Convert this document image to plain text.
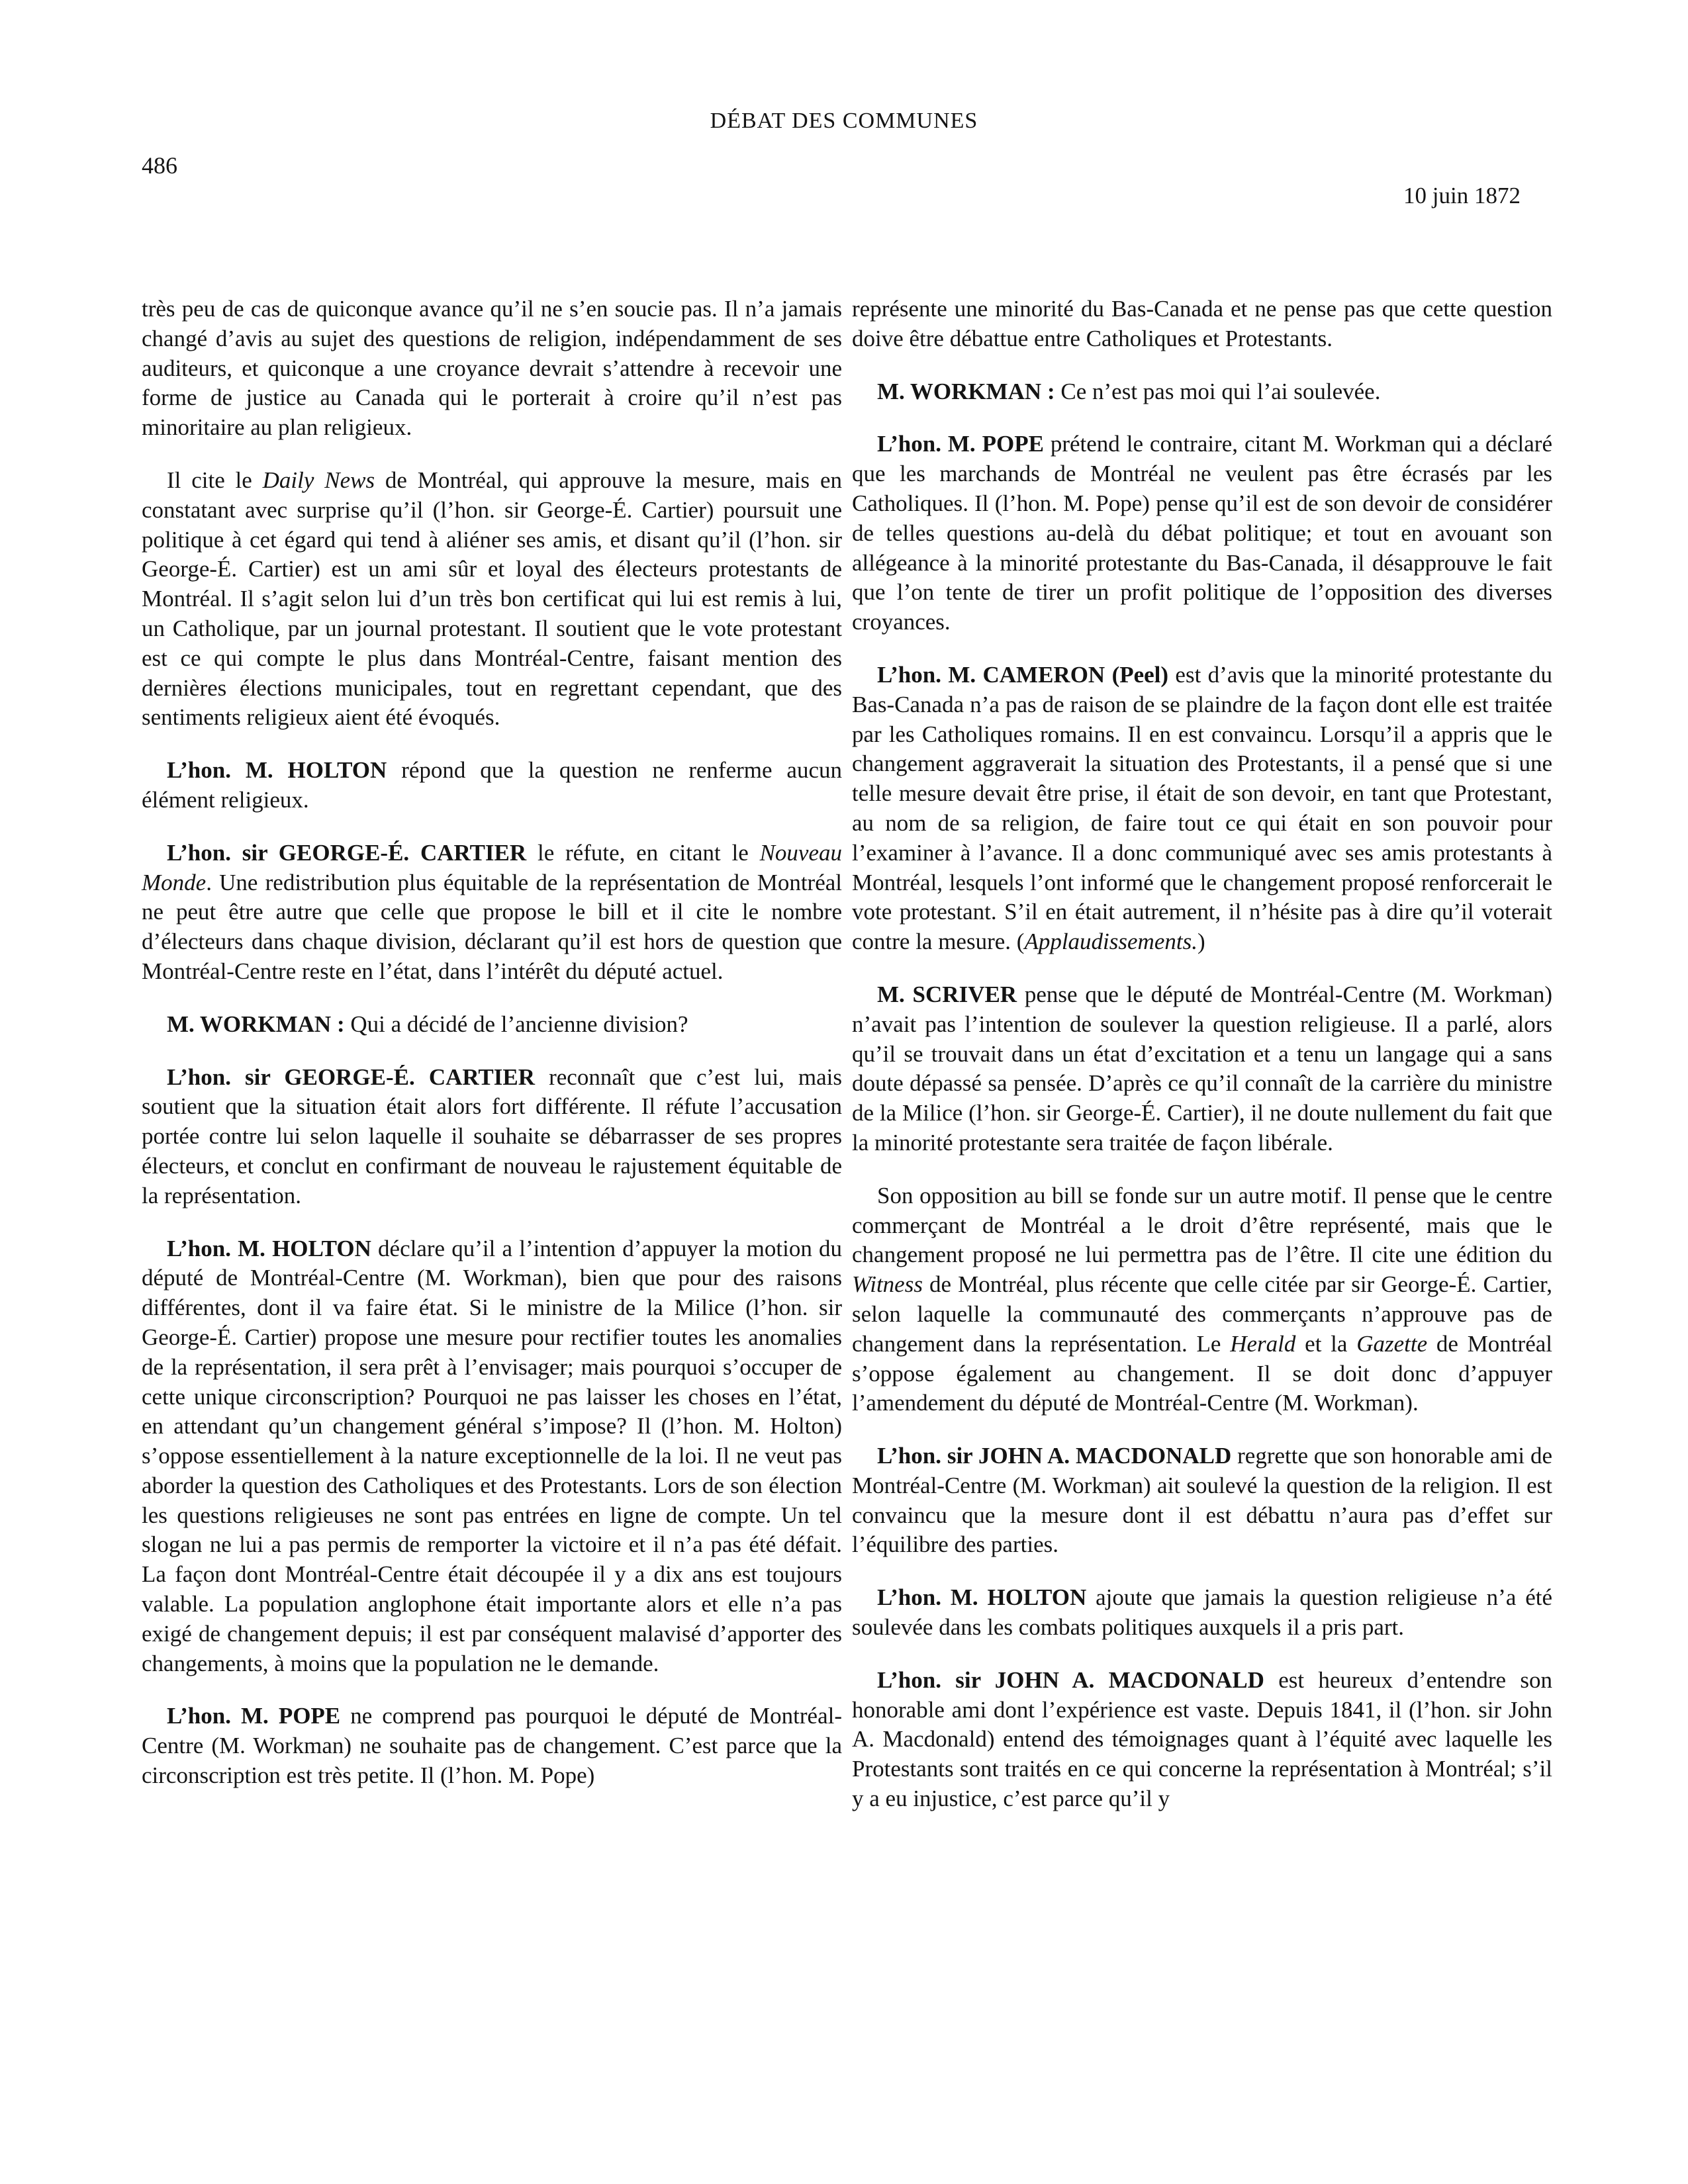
DÉBAT DES COMMUNES
486
10 juin 1872

très peu de cas de quiconque avance qu’il ne s’en soucie pas. Il n’a jamais changé d’avis au sujet des questions de religion, indépendamment de ses auditeurs, et quiconque a une croyance devrait s’attendre à recevoir une forme de justice au Canada qui le porterait à croire qu’il n’est pas minoritaire au plan religieux.

Il cite le Daily News de Montréal, qui approuve la mesure, mais en constatant avec surprise qu’il (l’hon. sir George-É. Cartier) poursuit une politique à cet égard qui tend à aliéner ses amis, et disant qu’il (l’hon. sir George-É. Cartier) est un ami sûr et loyal des électeurs protestants de Montréal. Il s’agit selon lui d’un très bon certificat qui lui est remis à lui, un Catholique, par un journal protestant. Il soutient que le vote protestant est ce qui compte le plus dans Montréal-Centre, faisant mention des dernières élections municipales, tout en regrettant cependant, que des sentiments religieux aient été évoqués.

L’hon. M. HOLTON répond que la question ne renferme aucun élément religieux.

L’hon. sir GEORGE-É. CARTIER le réfute, en citant le Nouveau Monde. Une redistribution plus équitable de la représentation de Montréal ne peut être autre que celle que propose le bill et il cite le nombre d’électeurs dans chaque division, déclarant qu’il est hors de question que Montréal-Centre reste en l’état, dans l’intérêt du député actuel.

M. WORKMAN : Qui a décidé de l’ancienne division?

L’hon. sir GEORGE-É. CARTIER reconnaît que c’est lui, mais soutient que la situation était alors fort différente. Il réfute l’accusation portée contre lui selon laquelle il souhaite se débarrasser de ses propres électeurs, et conclut en confirmant de nouveau le rajustement équitable de la représentation.

L’hon. M. HOLTON déclare qu’il a l’intention d’appuyer la motion du député de Montréal-Centre (M. Workman), bien que pour des raisons différentes, dont il va faire état. Si le ministre de la Milice (l’hon. sir George-É. Cartier) propose une mesure pour rectifier toutes les anomalies de la représentation, il sera prêt à l’envisager; mais pourquoi s’occuper de cette unique circonscription? Pourquoi ne pas laisser les choses en l’état, en attendant qu’un changement général s’impose? Il (l’hon. M. Holton) s’oppose essentiellement à la nature exceptionnelle de la loi. Il ne veut pas aborder la question des Catholiques et des Protestants. Lors de son élection les questions religieuses ne sont pas entrées en ligne de compte. Un tel slogan ne lui a pas permis de remporter la victoire et il n’a pas été défait. La façon dont Montréal-Centre était découpée il y a dix ans est toujours valable. La population anglophone était importante alors et elle n’a pas exigé de changement depuis; il est par conséquent malavisé d’apporter des changements, à moins que la population ne le demande.

L’hon. M. POPE ne comprend pas pourquoi le député de Montréal-Centre (M. Workman) ne souhaite pas de changement. C’est parce que la circonscription est très petite. Il (l’hon. M. Pope)

représente une minorité du Bas-Canada et ne pense pas que cette question doive être débattue entre Catholiques et Protestants.

M. WORKMAN : Ce n’est pas moi qui l’ai soulevée.

L’hon. M. POPE prétend le contraire, citant M. Workman qui a déclaré que les marchands de Montréal ne veulent pas être écrasés par les Catholiques. Il (l’hon. M. Pope) pense qu’il est de son devoir de considérer de telles questions au-delà du débat politique; et tout en avouant son allégeance à la minorité protestante du Bas-Canada, il désapprouve le fait que l’on tente de tirer un profit politique de l’opposition des diverses croyances.

L’hon. M. CAMERON (Peel) est d’avis que la minorité protestante du Bas-Canada n’a pas de raison de se plaindre de la façon dont elle est traitée par les Catholiques romains. Il en est convaincu. Lorsqu’il a appris que le changement aggraverait la situation des Protestants, il a pensé que si une telle mesure devait être prise, il était de son devoir, en tant que Protestant, au nom de sa religion, de faire tout ce qui était en son pouvoir pour l’examiner à l’avance. Il a donc communiqué avec ses amis protestants à Montréal, lesquels l’ont informé que le changement proposé renforcerait le vote protestant. S’il en était autrement, il n’hésite pas à dire qu’il voterait contre la mesure. (Applaudissements.)

M. SCRIVER pense que le député de Montréal-Centre (M. Workman) n’avait pas l’intention de soulever la question religieuse. Il a parlé, alors qu’il se trouvait dans un état d’excitation et a tenu un langage qui a sans doute dépassé sa pensée. D’après ce qu’il connaît de la carrière du ministre de la Milice (l’hon. sir George-É. Cartier), il ne doute nullement du fait que la minorité protestante sera traitée de façon libérale.

Son opposition au bill se fonde sur un autre motif. Il pense que le centre commerçant de Montréal a le droit d’être représenté, mais que le changement proposé ne lui permettra pas de l’être. Il cite une édition du Witness de Montréal, plus récente que celle citée par sir George-É. Cartier, selon laquelle la communauté des commerçants n’approuve pas de changement dans la représentation. Le Herald et la Gazette de Montréal s’oppose également au changement. Il se doit donc d’appuyer l’amendement du député de Montréal-Centre (M. Workman).

L’hon. sir JOHN A. MACDONALD regrette que son honorable ami de Montréal-Centre (M. Workman) ait soulevé la question de la religion. Il est convaincu que la mesure dont il est débattu n’aura pas d’effet sur l’équilibre des parties.

L’hon. M. HOLTON ajoute que jamais la question religieuse n’a été soulevée dans les combats politiques auxquels il a pris part.

L’hon. sir JOHN A. MACDONALD est heureux d’entendre son honorable ami dont l’expérience est vaste. Depuis 1841, il (l’hon. sir John A. Macdonald) entend des témoignages quant à l’équité avec laquelle les Protestants sont traités en ce qui concerne la représentation à Montréal; s’il y a eu injustice, c’est parce qu’il y
